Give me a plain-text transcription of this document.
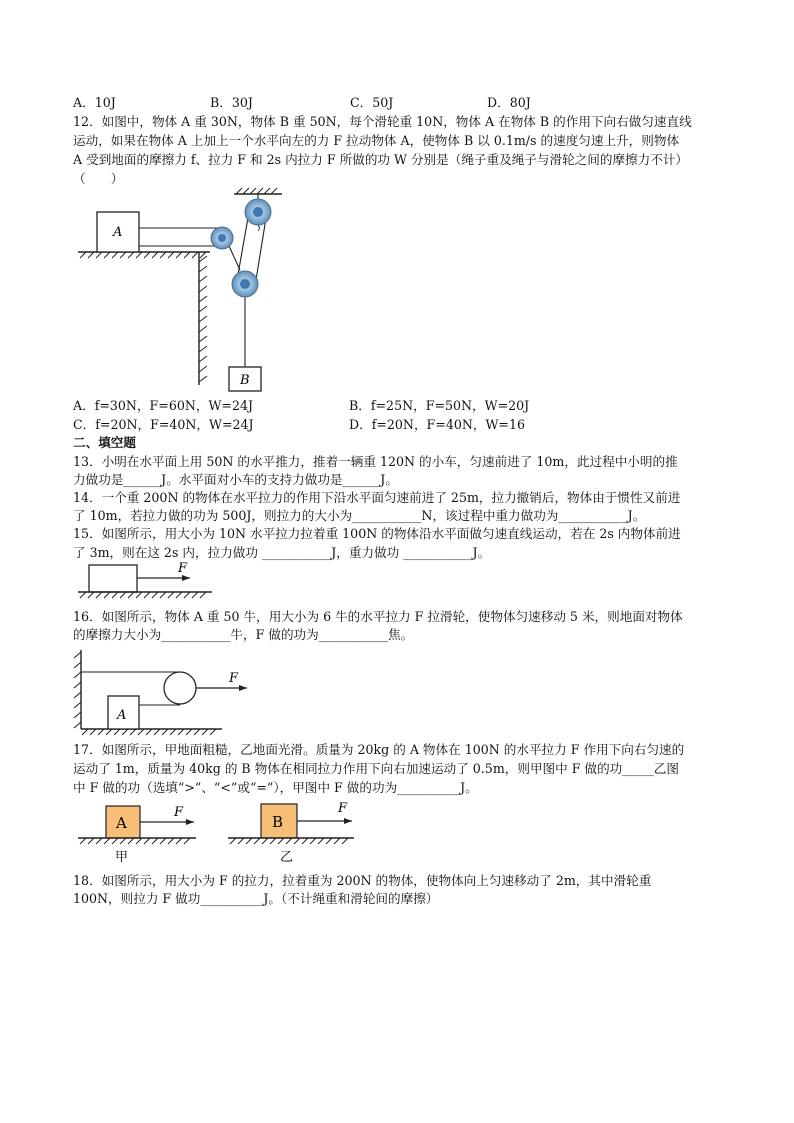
A．10J	B．30J	C．50J	D．80J
12．如图中，物体 A 重 30N，物体 B 重 50N，每个滑轮重 10N，物体 A 在物体 B 的作用下向右做匀速直线
运动，如果在物体 A 上加上一个水平向左的力 F 拉动物体 A，使物体 B 以 0.1m/s 的速度匀速上升，则物体
A 受到地面的摩擦力 f、拉力 F 和 2s 内拉力 F 所做的功 W 分别是（绳子重及绳子与滑轮之间的摩擦力不计）
（　　）
A
B
A．f=30N，F=60N，W=24J	B．f=25N，F=50N，W=20J
C．f=20N，F=40N，W=24J	D．f=20N，F=40N，W=16
二、填空题
13．小明在水平面上用 50N 的水平推力，推着一辆重 120N 的小车，匀速前进了 10m，此过程中小明的推
力做功是______J。水平面对小车的支持力做功是______J。
14．一个重 200N 的物体在水平拉力的作用下沿水平面匀速前进了 25m，拉力撤销后，物体由于惯性又前进
了 10m，若拉力做的功为 500J，则拉力的大小为___________N，该过程中重力做功为___________J。
15．如图所示，用大小为 10N 水平拉力拉着重 100N 的物体沿水平面做匀速直线运动，若在 2s 内物体前进
了 3m，则在这 2s 内，拉力做功 ___________J，重力做功 ___________J。
F
16．如图所示，物体 A 重 50 牛，用大小为 6 牛的水平拉力 F 拉滑轮，使物体匀速移动 5 米，则地面对物体
的摩擦力大小为___________牛，F 做的功为___________焦。
A
F
17．如图所示，甲地面粗糙，乙地面光滑。质量为 20kg 的 A 物体在 100N 的水平拉力 F 作用下向右匀速的
运动了 1m，质量为 40kg 的 B 物体在相同拉力作用下向右加速运动了 0.5m，则甲图中 F 做的功_____乙图
中 F 做的功（选填“>”、“<”或“=”），甲图中 F 做的功为__________J。
A
F
甲
B
F
乙
18．如图所示，用大小为 F 的拉力，拉着重为 200N 的物体，使物体向上匀速移动了 2m，其中滑轮重
100N，则拉力 F 做功__________J。（不计绳重和滑轮间的摩擦）
